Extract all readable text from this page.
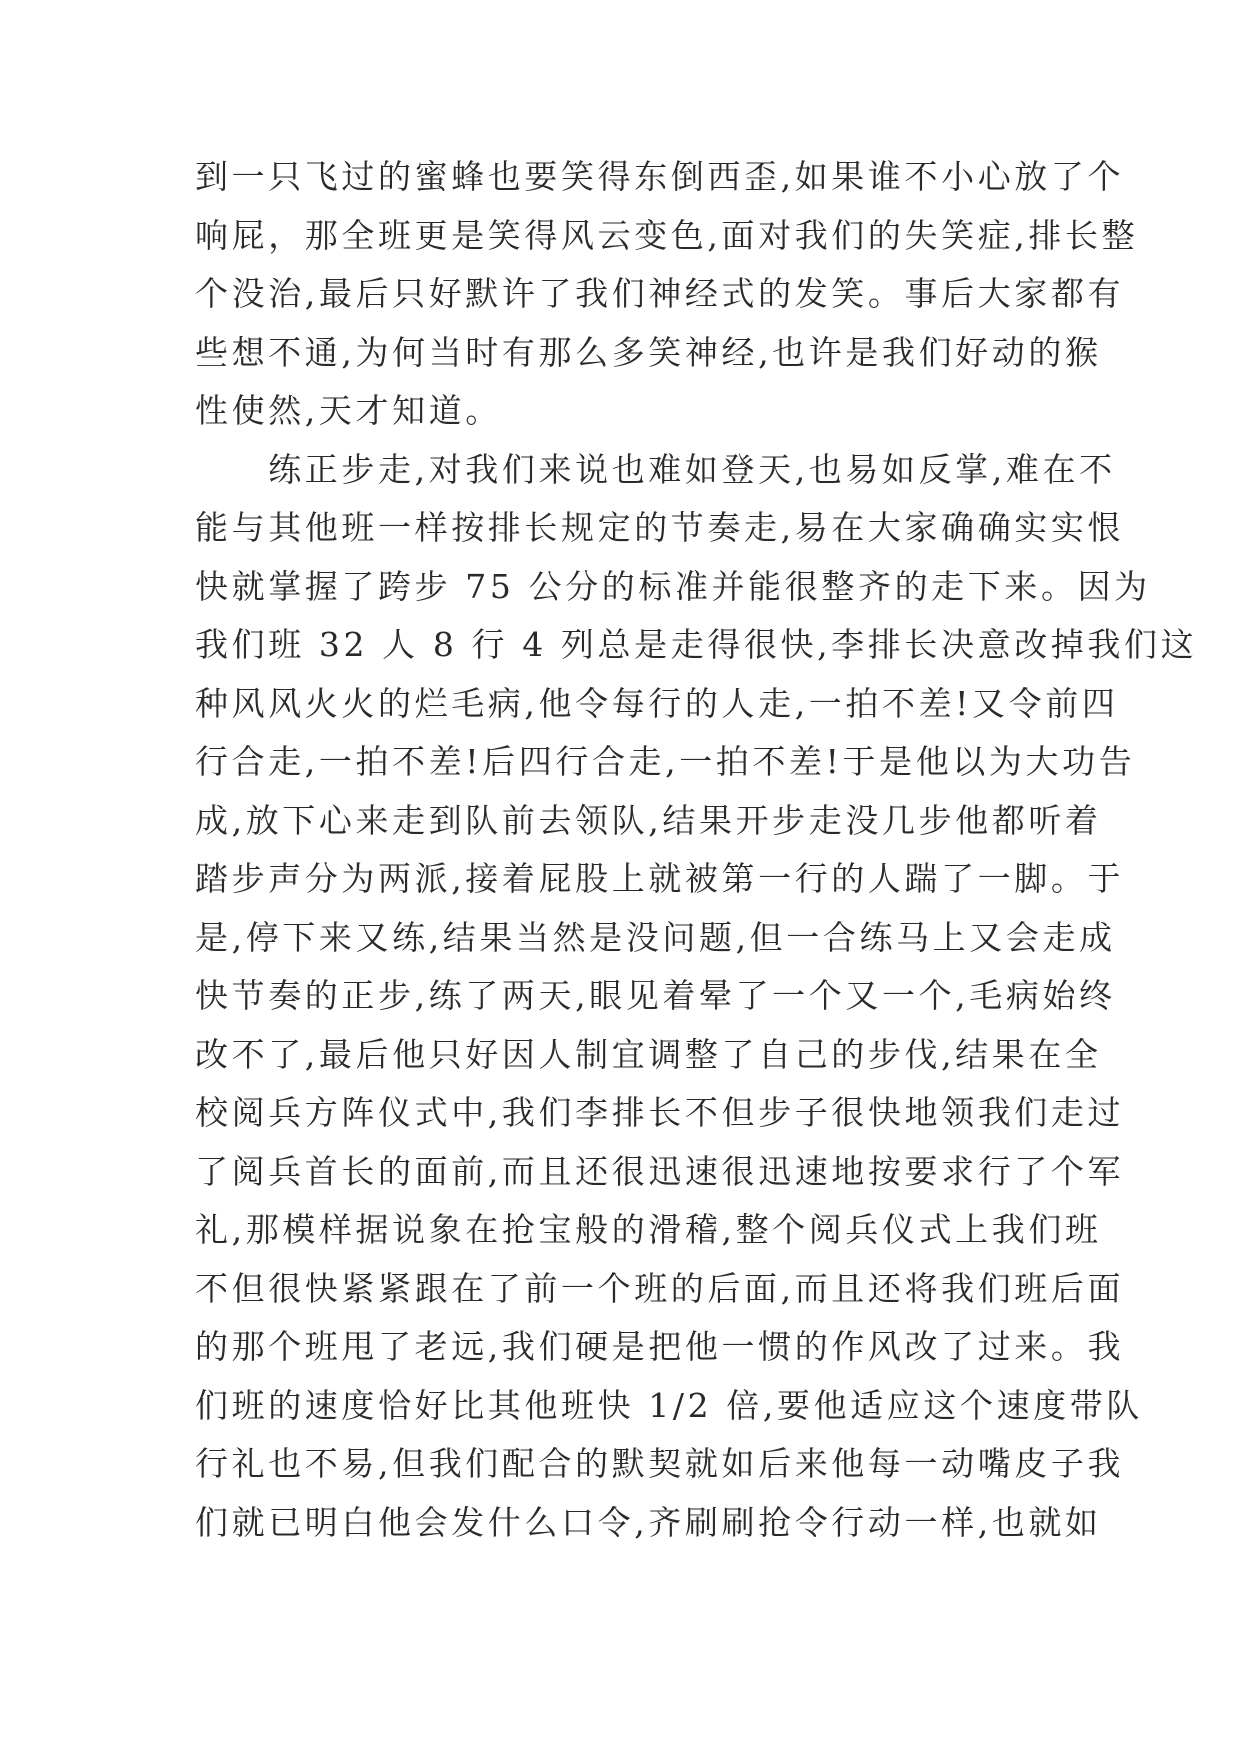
到一只飞过的蜜蜂也要笑得东倒西歪,如果谁不小心放了个
响屁，那全班更是笑得风云变色,面对我们的失笑症,排长整
个没治,最后只好默许了我们神经式的发笑。事后大家都有
些想不通,为何当时有那么多笑神经,也许是我们好动的猴
性使然,天才知道。
　　练正步走,对我们来说也难如登天,也易如反掌,难在不
能与其他班一样按排长规定的节奏走,易在大家确确实实恨
快就掌握了跨步 75 公分的标准并能很整齐的走下来。因为
我们班 32 人 8 行 4 列总是走得很快,李排长决意改掉我们这
种风风火火的烂毛病,他令每行的人走,一拍不差!又令前四
行合走,一拍不差!后四行合走,一拍不差!于是他以为大功告
成,放下心来走到队前去领队,结果开步走没几步他都听着
踏步声分为两派,接着屁股上就被第一行的人踹了一脚。于
是,停下来又练,结果当然是没问题,但一合练马上又会走成
快节奏的正步,练了两天,眼见着晕了一个又一个,毛病始终
改不了,最后他只好因人制宜调整了自己的步伐,结果在全
校阅兵方阵仪式中,我们李排长不但步子很快地领我们走过
了阅兵首长的面前,而且还很迅速很迅速地按要求行了个军
礼,那模样据说象在抢宝般的滑稽,整个阅兵仪式上我们班
不但很快紧紧跟在了前一个班的后面,而且还将我们班后面
的那个班甩了老远,我们硬是把他一惯的作风改了过来。我
们班的速度恰好比其他班快 1/2 倍,要他适应这个速度带队
行礼也不易,但我们配合的默契就如后来他每一动嘴皮子我
们就已明白他会发什么口令,齐刷刷抢令行动一样,也就如
